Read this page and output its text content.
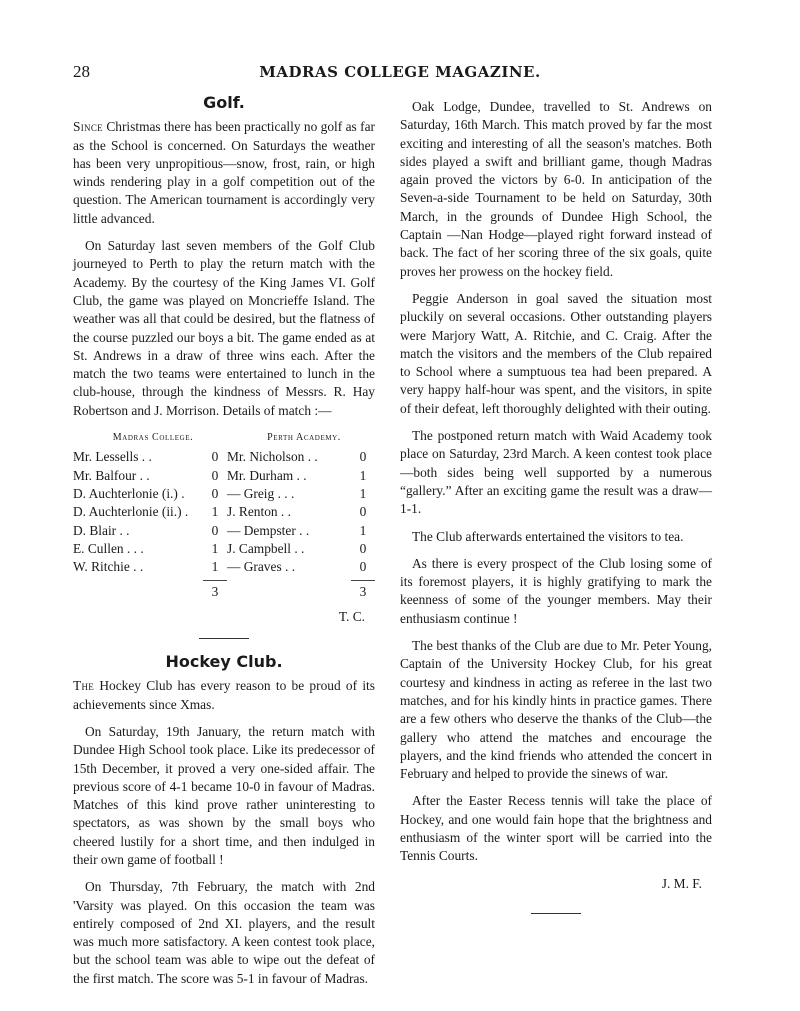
28	MADRAS COLLEGE MAGAZINE.
Golf.

Since Christmas there has been practically no golf as far as the School is concerned. On Saturdays the weather has been very unpropitious—snow, frost, rain, or high winds rendering play in a golf competition out of the question. The American tournament is accordingly very little advanced.

On Saturday last seven members of the Golf Club journeyed to Perth to play the return match with the Academy. By the courtesy of the King James VI. Golf Club, the game was played on Moncrieffe Island. The weather was all that could be desired, but the flatness of the course puzzled our boys a bit. The game ended as at St. Andrews in a draw of three wins each. After the match the two teams were entertained to lunch in the club-house, through the kindness of Messrs. R. Hay Robertson and J. Morrison. Details of match :—

Madras College.	Perth Academy.
Mr. Lessells . .	0 Mr. Nicholson . .	0
Mr. Balfour . .	0 Mr. Durham . .	1
D. Auchterlonie (i.) .	0 — Greig . . .	1
D. Auchterlonie (ii.) .	1 J. Renton . .	0
D. Blair . .	0 — Dempster . .	1
E. Cullen . . .	1 J. Campbell . .	0
W. Ritchie . .	1 — Graves . .	0
3	3
T. C.
Hockey Club.

The Hockey Club has every reason to be proud of its achievements since Xmas.

On Saturday, 19th January, the return match with Dundee High School took place. Like its predecessor of 15th December, it proved a very one-sided affair. The previous score of 4-1 became 10-0 in favour of Madras. Matches of this kind prove rather uninteresting to spectators, as was shown by the small boys who cheered lustily for a short time, and then indulged in their own game of football !

On Thursday, 7th February, the match with 2nd 'Varsity was played. On this occasion the team was entirely composed of 2nd XI. players, and the result was much more satisfactory. A keen contest took place, but the school team was able to wipe out the defeat of the first match. The score was 5-1 in favour of Madras.

Oak Lodge, Dundee, travelled to St. Andrews on Saturday, 16th March. This match proved by far the most exciting and interesting of all the season's matches. Both sides played a swift and brilliant game, though Madras again proved the victors by 6-0. In anticipation of the Seven-a-side Tournament to be held on Saturday, 30th March, in the grounds of Dundee High School, the Captain —Nan Hodge—played right forward instead of back. The fact of her scoring three of the six goals, quite proves her prowess on the hockey field.

Peggie Anderson in goal saved the situation most pluckily on several occasions. Other outstanding players were Marjory Watt, A. Ritchie, and C. Craig. After the match the visitors and the members of the Club repaired to School where a sumptuous tea had been prepared. A very happy half-hour was spent, and the visitors, in spite of their defeat, left thoroughly delighted with their outing.

The postponed return match with Waid Academy took place on Saturday, 23rd March. A keen contest took place—both sides being well supported by a numerous “gallery.” After an exciting game the result was a draw—1-1.

The Club afterwards entertained the visitors to tea.

As there is every prospect of the Club losing some of its foremost players, it is highly gratifying to mark the keenness of some of the younger members. May their enthusiasm continue !

The best thanks of the Club are due to Mr. Peter Young, Captain of the University Hockey Club, for his great courtesy and kindness in acting as referee in the last two matches, and for his kindly hints in practice games. There are a few others who deserve the thanks of the Club—the gallery who attend the matches and encourage the players, and the kind friends who attended the concert in February and helped to provide the sinews of war.

After the Easter Recess tennis will take the place of Hockey, and one would fain hope that the brightness and enthusiasm of the winter sport will be carried into the Tennis Courts.

J. M. F.
